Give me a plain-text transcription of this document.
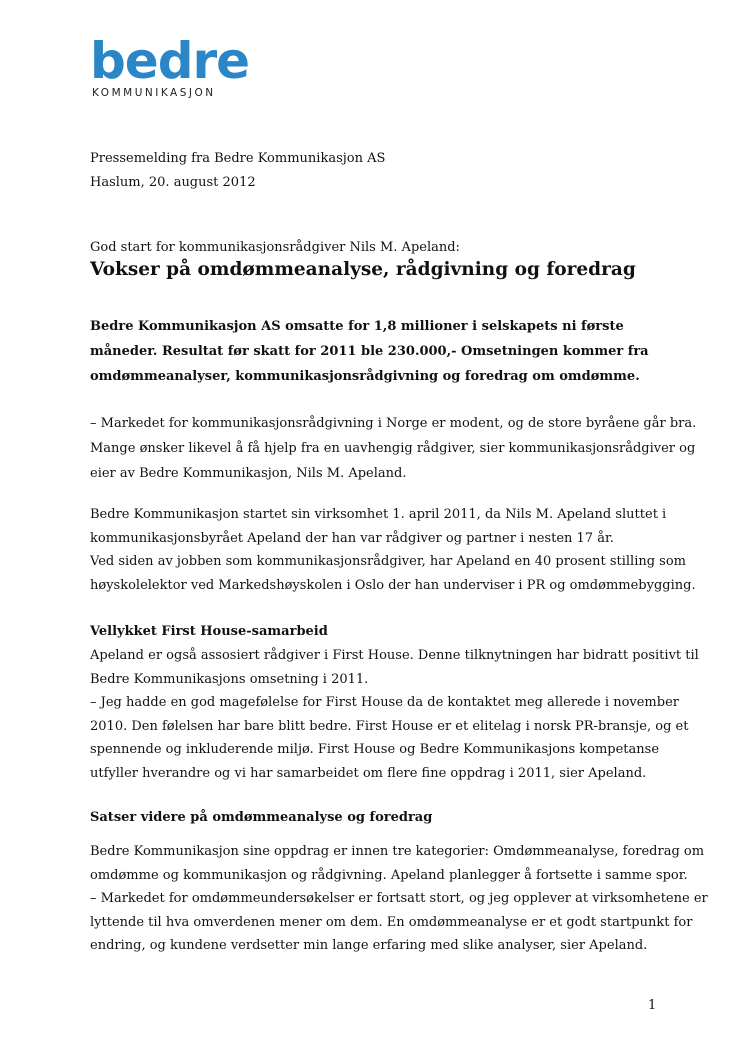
bedre
KOMMUNIKASJON
Pressemelding fra Bedre Kommunikasjon AS
Haslum, 20. august 2012
God start for kommunikasjonsrådgiver Nils M. Apeland:
Vokser på omdømmeanalyse, rådgivning og foredrag
Bedre Kommunikasjon AS omsatte for 1,8 millioner i selskapets ni første
måneder. Resultat før skatt for 2011 ble 230.000,- Omsetningen kommer fra
omdømmeanalyser, kommunikasjonsrådgivning og foredrag om omdømme.
– Markedet for kommunikasjonsrådgivning i Norge er modent, og de store byråene går bra.
Mange ønsker likevel å få hjelp fra en uavhengig rådgiver, sier kommunikasjonsrådgiver og
eier av Bedre Kommunikasjon, Nils M. Apeland.
Bedre Kommunikasjon startet sin virksomhet 1. april 2011, da Nils M. Apeland sluttet i
kommunikasjonsbyrået Apeland der han var rådgiver og partner i nesten 17 år.
Ved siden av jobben som kommunikasjonsrådgiver, har Apeland en 40 prosent stilling som
høyskolelektor ved Markedshøyskolen i Oslo der han underviser i PR og omdømmebygging.
Vellykket First House-samarbeid
Apeland er også assosiert rådgiver i First House. Denne tilknytningen har bidratt positivt til
Bedre Kommunikasjons omsetning i 2011.
– Jeg hadde en god magefølelse for First House da de kontaktet meg allerede i november
2010. Den følelsen har bare blitt bedre. First House er et elitelag i norsk PR-bransje, og et
spennende og inkluderende miljø. First House og Bedre Kommunikasjons kompetanse
utfyller hverandre og vi har samarbeidet om flere fine oppdrag i 2011, sier Apeland.
Satser videre på omdømmeanalyse og foredrag
Bedre Kommunikasjon sine oppdrag er innen tre kategorier: Omdømmeanalyse, foredrag om
omdømme og kommunikasjon og rådgivning. Apeland planlegger å fortsette i samme spor.
– Markedet for omdømmeundersøkelser er fortsatt stort, og jeg opplever at virksomhetene er
lyttende til hva omverdenen mener om dem. En omdømmeanalyse er et godt startpunkt for
endring, og kundene verdsetter min lange erfaring med slike analyser, sier Apeland.
1
